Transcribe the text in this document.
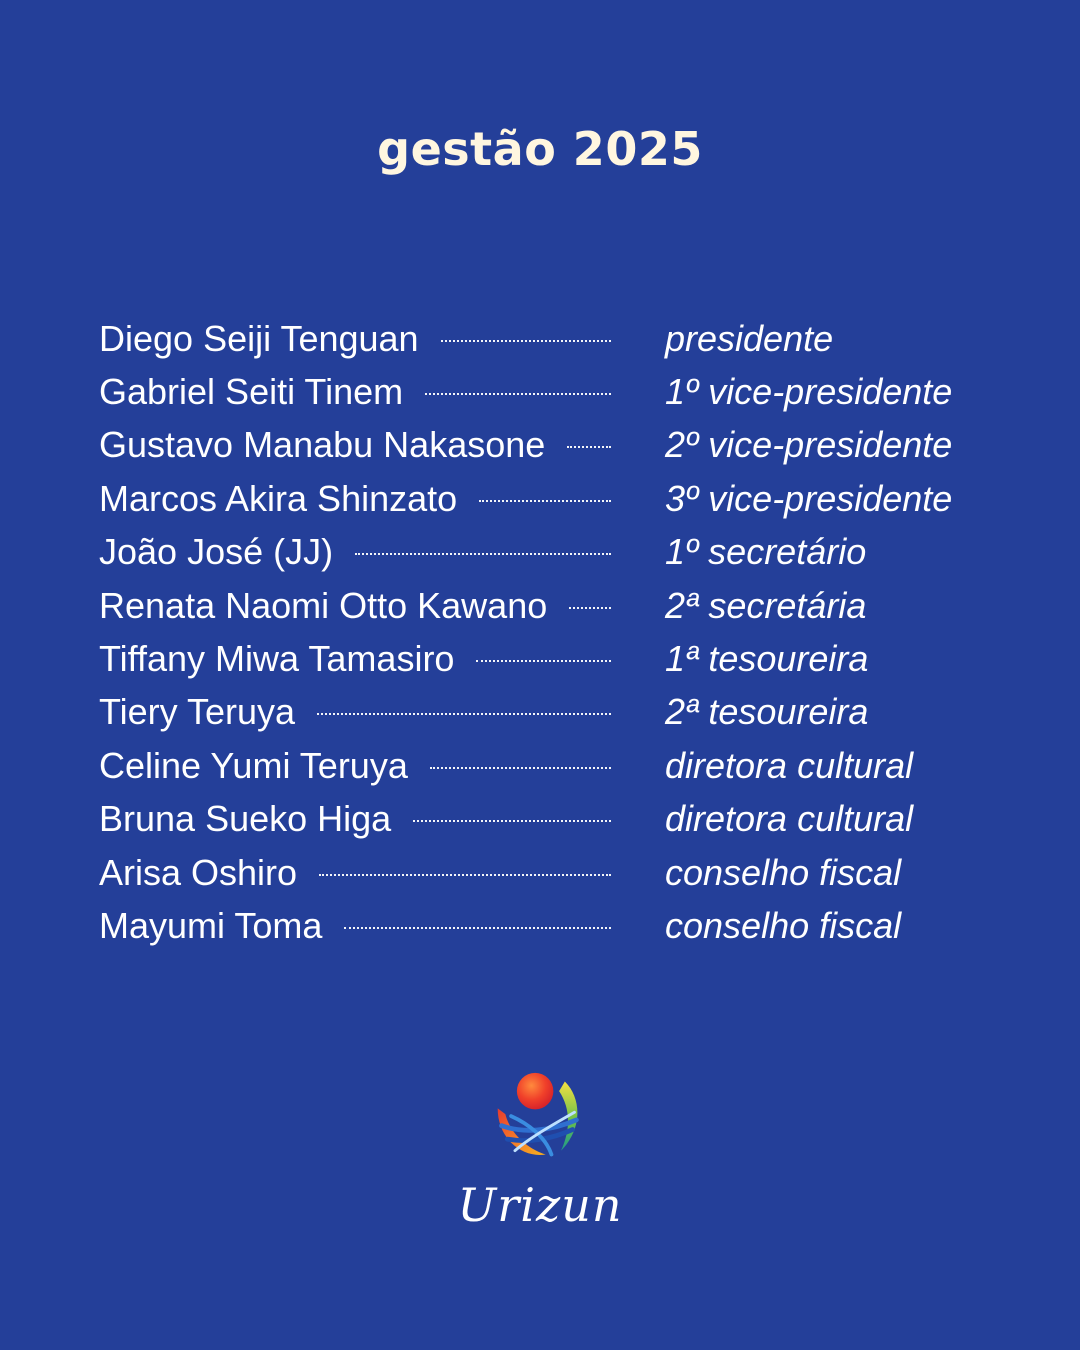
gestão 2025
Diego Seiji Tenguan	presidente
Gabriel Seiti Tinem	1º vice-presidente
Gustavo Manabu Nakasone	2º vice-presidente
Marcos Akira Shinzato	3º vice-presidente
João José (JJ)	1º secretário
Renata Naomi Otto Kawano	2ª secretária
Tiffany Miwa Tamasiro	1ª tesoureira
Tiery Teruya	2ª tesoureira
Celine Yumi Teruya	diretora cultural
Bruna Sueko Higa	diretora cultural
Arisa Oshiro	conselho fiscal
Mayumi Toma	conselho fiscal
Urizun
